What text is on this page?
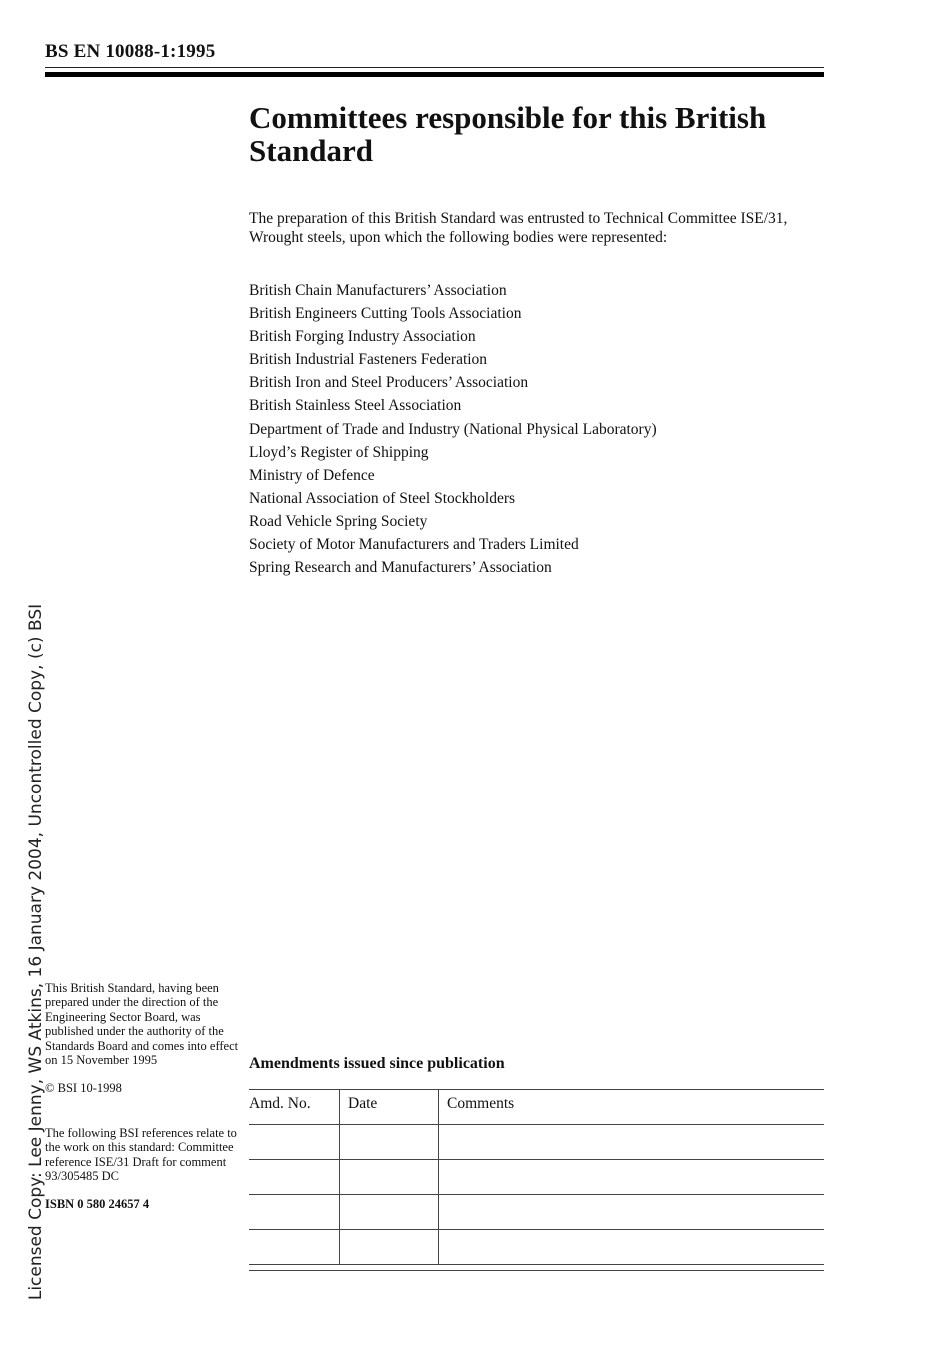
BS EN 10088-1:1995
Committees responsible for this British Standard
The preparation of this British Standard was entrusted to Technical Committee ISE/31, Wrought steels, upon which the following bodies were represented:
British Chain Manufacturers’ Association
British Engineers Cutting Tools Association
British Forging Industry Association
British Industrial Fasteners Federation
British Iron and Steel Producers’ Association
British Stainless Steel Association
Department of Trade and Industry (National Physical Laboratory)
Lloyd’s Register of Shipping
Ministry of Defence
National Association of Steel Stockholders
Road Vehicle Spring Society
Society of Motor Manufacturers and Traders Limited
Spring Research and Manufacturers’ Association
Licensed Copy: Lee Jenny, WS Atkins, 16 January 2004, Uncontrolled Copy, (c) BSI This British Standard, having been prepared under the direction of the Engineering Sector Board, was published under the authority of the Standards Board and comes into effect on 15 November 1995

© BSI 10-1998

The following BSI references relate to the work on this standard: Committee reference ISE/31 Draft for comment 93/305485 DC

ISBN 0 580 24657 4

Amendments issued since publication
Amd. No.	Date	Comments
